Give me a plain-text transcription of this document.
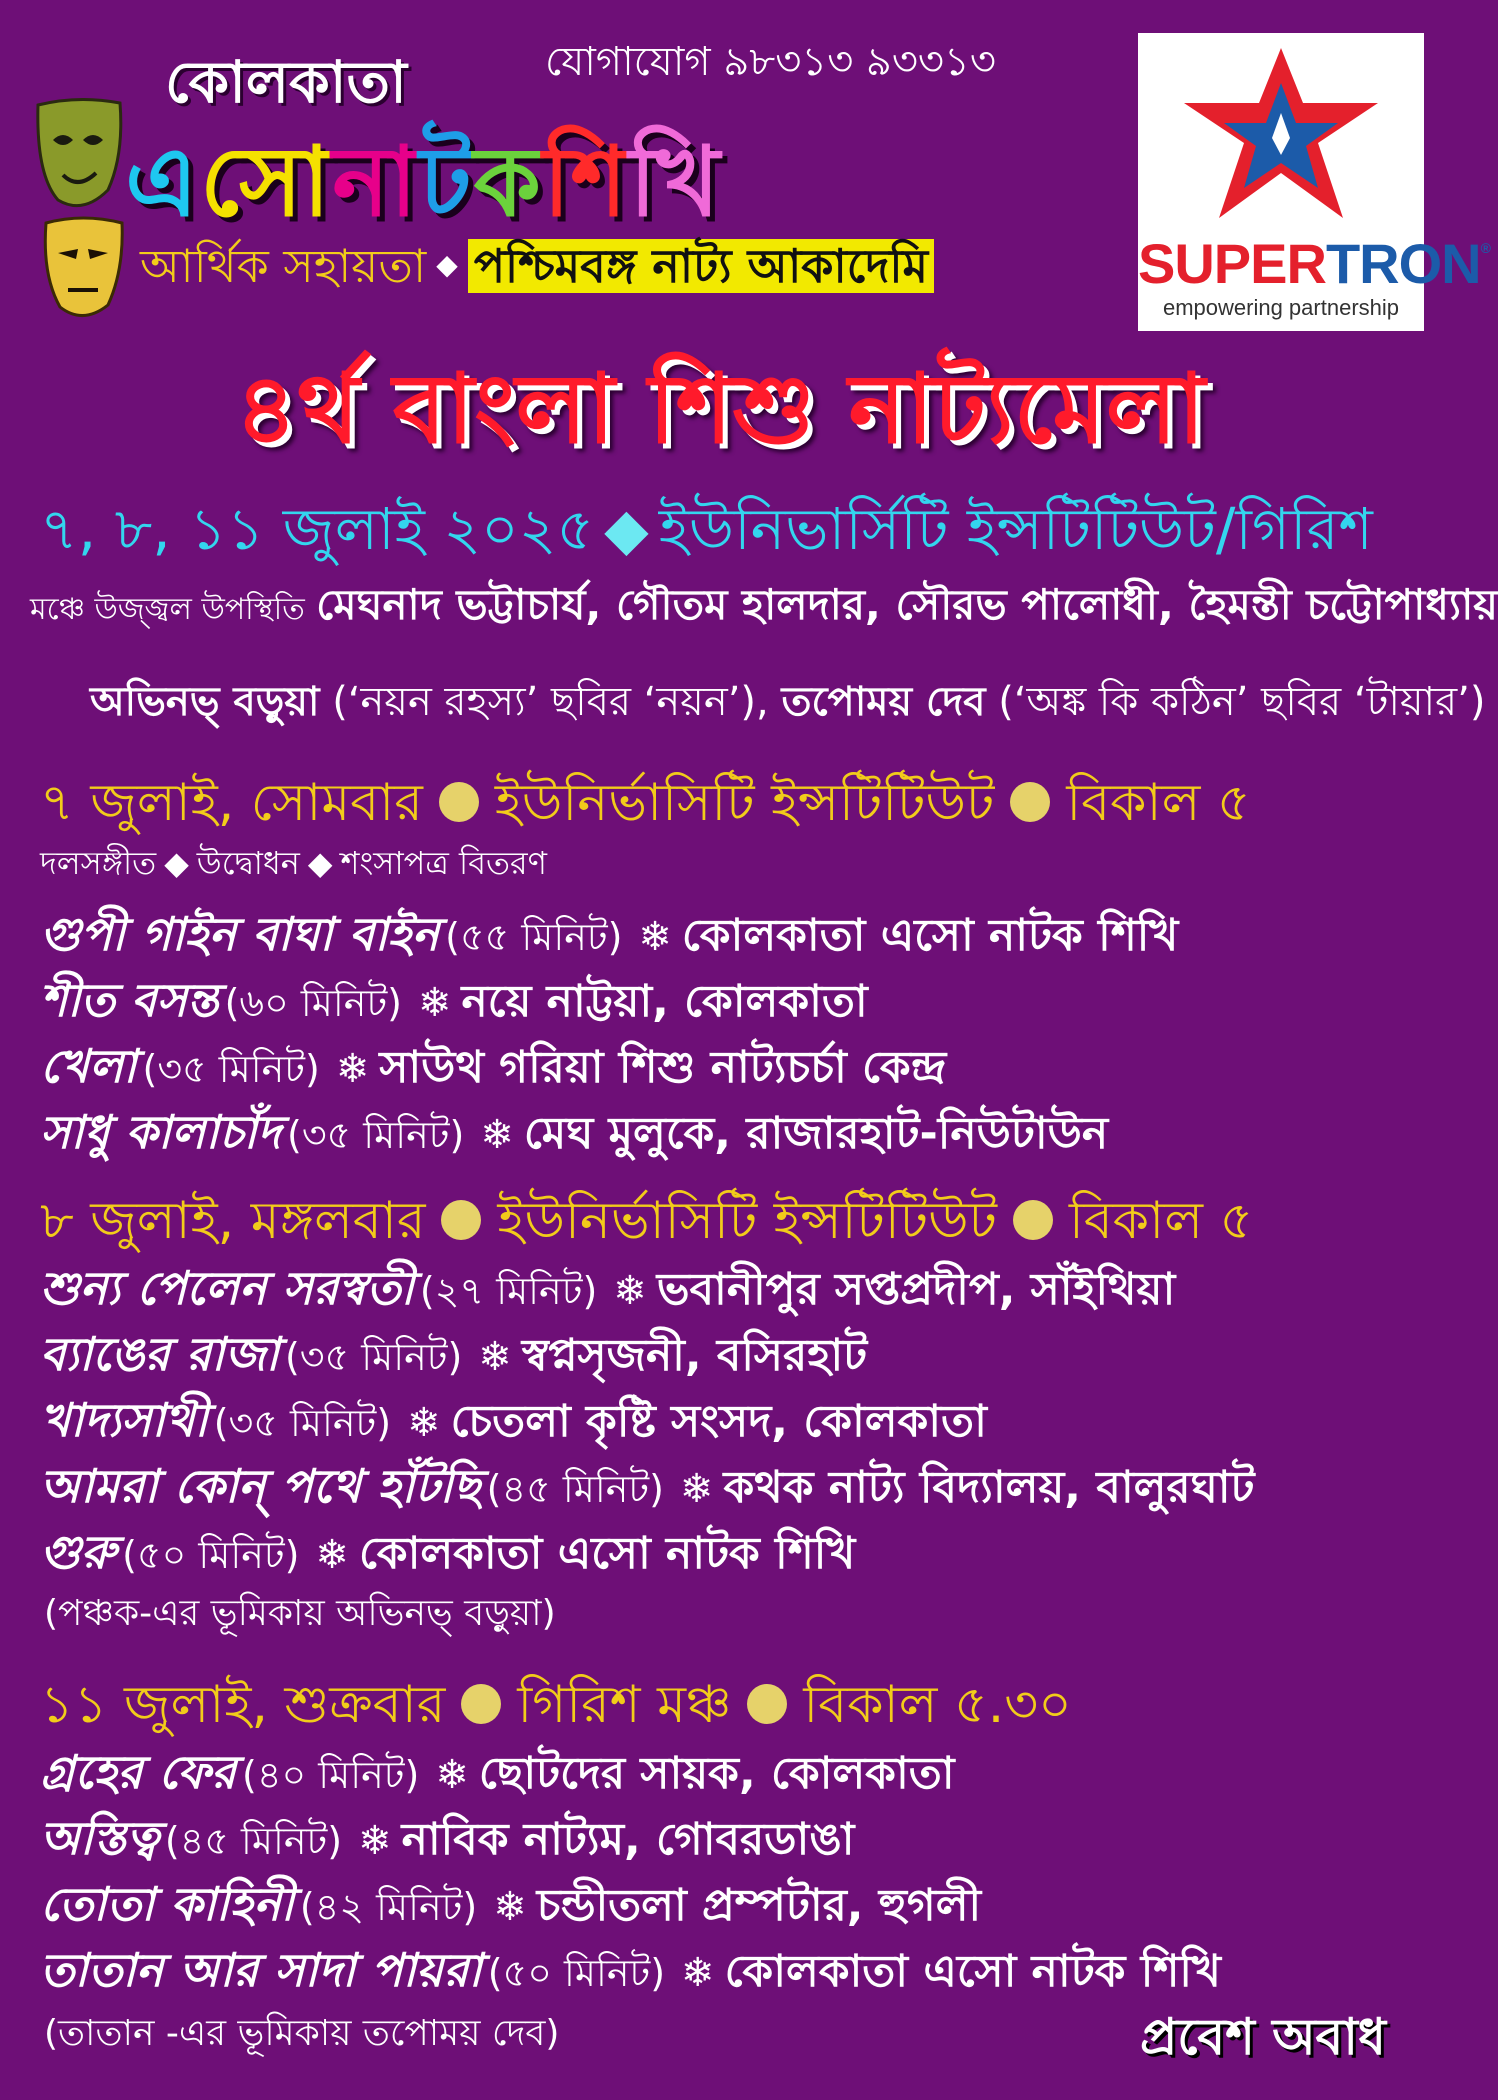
যোগাযোগ ৯৮৩১৩ ৯৩৩১৩
কোলকাতা
এসোনাটকশিখি
আর্থিক সহায়তা ◆ পশ্চিমবঙ্গ নাট্য আকাদেমি	SUPERTRON®
empowering partnership
৪র্থ বাংলা শিশু নাট্যমেলা
৭, ৮, ১১ জুলাই ২০২৫ ◆ ইউনিভার্সিটি ইন্সটিটিউট/গিরিশ
মঞ্চে উজ্জ্বল উপস্থিতি মেঘনাদ ভট্টাচার্য, গৌতম হালদার, সৌরভ পালোধী, হৈমন্তী চট্টোপাধ্যায়
অভিনভ্ বড়ুয়া (‘নয়ন রহস্য’ ছবির ‘নয়ন’), তপোময় দেব (‘অঙ্ক কি কঠিন’ ছবির ‘টায়ার’)
৭ জুলাই, সোমবার ইউনির্ভাসিটি ইন্সটিটিউট বিকাল ৫
দলসঙ্গীত ◆ উদ্বোধন ◆ শংসাপত্র বিতরণ
গুপী গাইন বাঘা বাইন (৫৫ মিনিট) ❄ কোলকাতা এসো নাটক শিখি
শীত বসন্ত (৬০ মিনিট) ❄ নয়ে নাট্টয়া, কোলকাতা
খেলা (৩৫ মিনিট) ❄ সাউথ গরিয়া শিশু নাট্যচর্চা কেন্দ্র
সাধু কালাচাঁদ (৩৫ মিনিট) ❄ মেঘ মুলুকে, রাজারহাট-নিউটাউন
৮ জুলাই, মঙ্গলবার ইউনির্ভাসিটি ইন্সটিটিউট বিকাল ৫
শুন্য পেলেন সরস্বতী (২৭ মিনিট) ❄ ভবানীপুর সপ্তপ্রদীপ, সাঁইথিয়া
ব্যাঙের রাজা (৩৫ মিনিট) ❄ স্বপ্নসৃজনী, বসিরহাট
খাদ্যসাথী (৩৫ মিনিট) ❄ চেতলা কৃষ্টি সংসদ, কোলকাতা
আমরা কোন্ পথে হাঁটছি (৪৫ মিনিট) ❄ কথক নাট্য বিদ্যালয়, বালুরঘাট
গুরু (৫০ মিনিট) ❄ কোলকাতা এসো নাটক শিখি
(পঞ্চক-এর ভূমিকায় অভিনভ্ বড়ুয়া)
১১ জুলাই, শুক্রবার গিরিশ মঞ্চ বিকাল ৫.৩০
গ্রহের ফের (৪০ মিনিট) ❄ ছোটদের সায়ক, কোলকাতা
অস্তিত্ব (৪৫ মিনিট) ❄ নাবিক নাট্যম, গোবরডাঙা
তোতা কাহিনী (৪২ মিনিট) ❄ চন্ডীতলা প্রম্পটার, হুগলী
তাতান আর সাদা পায়রা (৫০ মিনিট) ❄ কোলকাতা এসো নাটক শিখি
(তাতান -এর ভূমিকায় তপোময় দেব)	প্রবেশ অবাধ
